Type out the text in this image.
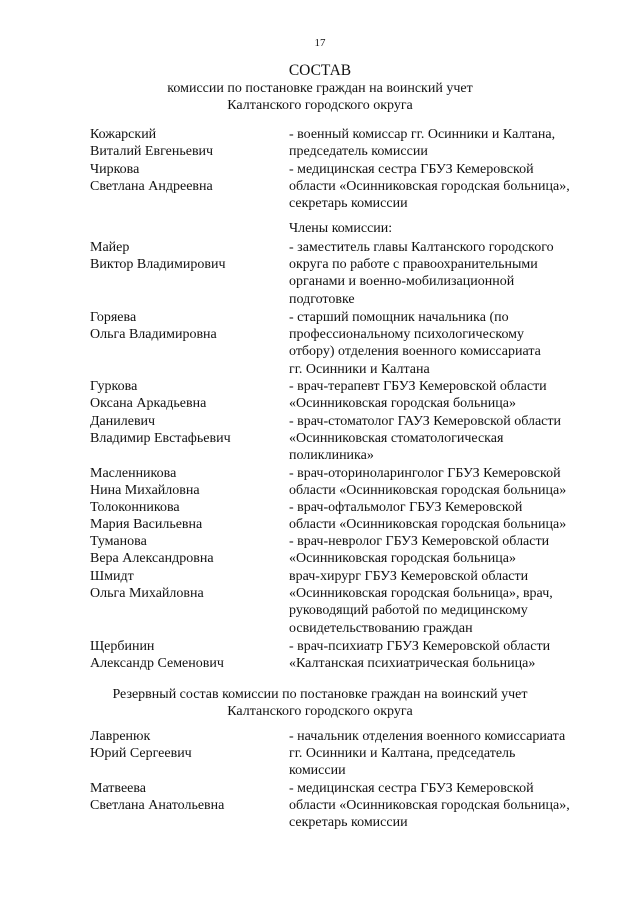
17
СОСТАВ
комиссии по постановке граждан на воинский учет
Калтанского городского округа
Члены комиссии:
Кожарский
Виталий Евгеньевич
- военный комиссар гг. Осинники и Калтана,
председатель комиссии
Чиркова
Светлана Андреевна
- медицинская сестра ГБУЗ Кемеровской
области «Осинниковская городская больница»,
секретарь комиссии
Майер
Виктор Владимирович
- заместитель главы Калтанского городского
округа по работе с правоохранительными
органами и военно-мобилизационной
подготовке
Горяева
Ольга Владимировна
- старший помощник начальника (по
профессиональному психологическому
отбору) отделения военного комиссариата
гг. Осинники и Калтана
Гуркова
Оксана Аркадьевна
- врач-терапевт ГБУЗ Кемеровской области
«Осинниковская городская больница»
Данилевич
Владимир Евстафьевич
- врач-стоматолог ГАУЗ Кемеровской области
«Осинниковская стоматологическая
поликлиника»
Масленникова
Нина Михайловна
- врач-оториноларинголог ГБУЗ Кемеровской
области «Осинниковская городская больница»
Толоконникова
Мария Васильевна
- врач-офтальмолог ГБУЗ Кемеровской
области «Осинниковская городская больница»
Туманова
Вера Александровна
- врач-невролог ГБУЗ Кемеровской области
«Осинниковская городская больница»
Шмидт
Ольга Михайловна
врач-хирург ГБУЗ Кемеровской области
«Осинниковская городская больница», врач,
руководящий работой по медицинскому
освидетельствованию граждан
Щербинин
Александр Семенович
- врач-психиатр ГБУЗ Кемеровской области
«Калтанская психиатрическая больница»
Резервный состав комиссии по постановке граждан на воинский учет
Калтанского городского округа
Лавренюк
Юрий Сергеевич
- начальник отделения военного комиссариата
гг. Осинники и Калтана, председатель
комиссии
Матвеева
Светлана Анатольевна
- медицинская сестра ГБУЗ Кемеровской
области «Осинниковская городская больница»,
секретарь комиссии
